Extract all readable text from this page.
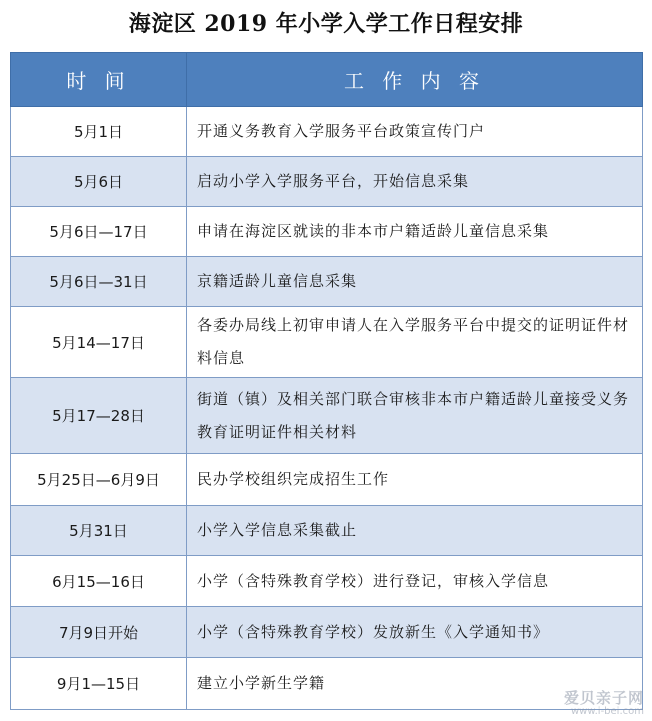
海淀区 2019 年小学入学工作日程安排
时 间	工 作 内 容
5月1日	开通义务教育入学服务平台政策宣传门户
5月6日	启动小学入学服务平台，开始信息采集
5月6日—17日	申请在海淀区就读的非本市户籍适龄儿童信息采集
5月6日—31日	京籍适龄儿童信息采集
5月14—17日	各委办局线上初审申请人在入学服务平台中提交的证明证件材料信息
5月17—28日	街道（镇）及相关部门联合审核非本市户籍适龄儿童接受义务教育证明证件相关材料
5月25日—6月9日	民办学校组织完成招生工作
5月31日	小学入学信息采集截止
6月15—16日	小学（含特殊教育学校）进行登记，审核入学信息
7月9日开始	小学（含特殊教育学校）发放新生《入学通知书》
9月1—15日	建立小学新生学籍
爱贝亲子网
www.i-bei.com
